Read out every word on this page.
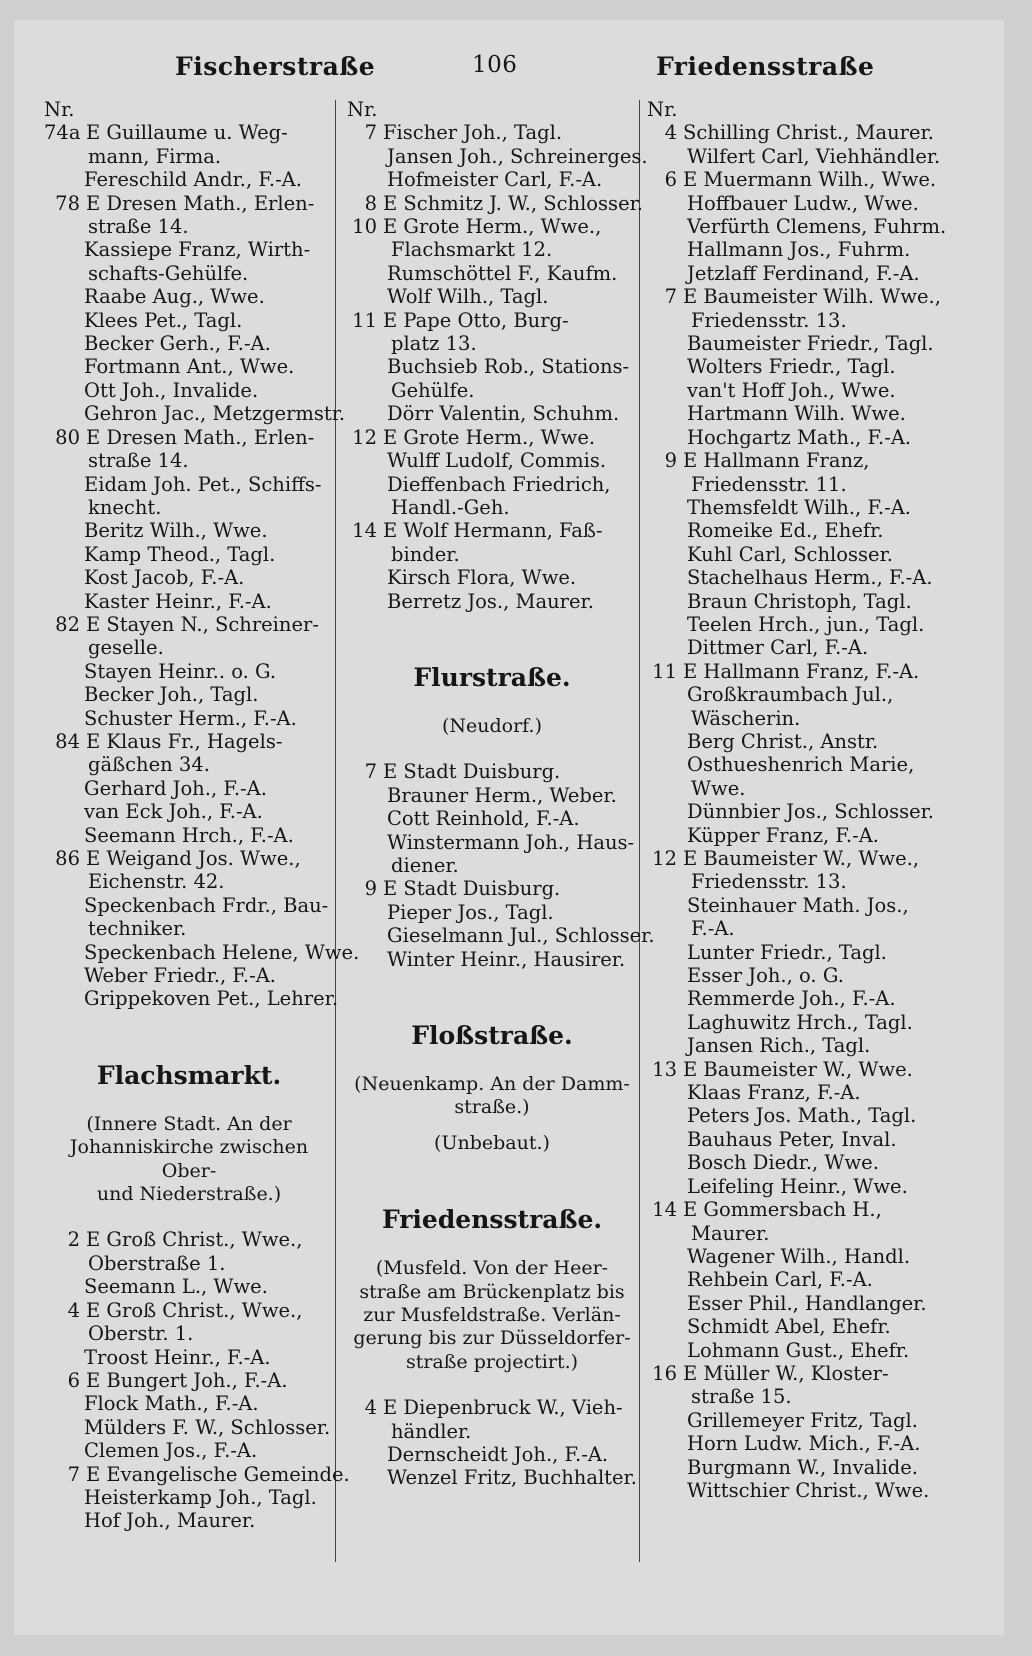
Fischerstraße	106	Friedensstraße
Nr.
74a E Guillaume u. Weg-
mann, Firma.
Fereschild Andr., F.-A.
78 E Dresen Math., Erlen-
straße 14.
Kassiepe Franz, Wirth-
schafts-Gehülfe.
Raabe Aug., Wwe.
Klees Pet., Tagl.
Becker Gerh., F.-A.
Fortmann Ant., Wwe.
Ott Joh., Invalide.
Gehron Jac., Metzgermstr.
80 E Dresen Math., Erlen-
straße 14.
Eidam Joh. Pet., Schiffs-
knecht.
Beritz Wilh., Wwe.
Kamp Theod., Tagl.
Kost Jacob, F.-A.
Kaster Heinr., F.-A.
82 E Stayen N., Schreiner-
geselle.
Stayen Heinr.. o. G.
Becker Joh., Tagl.
Schuster Herm., F.-A.
84 E Klaus Fr., Hagels-
gäßchen 34.
Gerhard Joh., F.-A.
van Eck Joh., F.-A.
Seemann Hrch., F.-A.
86 E Weigand Jos. Wwe.,
Eichenstr. 42.
Speckenbach Frdr., Bau-
techniker.
Speckenbach Helene, Wwe.
Weber Friedr., F.-A.
Grippekoven Pet., Lehrer.
Flachsmarkt.
(Innere Stadt. An der
Johanniskirche zwischen Ober-
und Niederstraße.)
2 E Groß Christ., Wwe.,
Oberstraße 1.
Seemann L., Wwe.
4 E Groß Christ., Wwe.,
Oberstr. 1.
Troost Heinr., F.-A.
6 E Bungert Joh., F.-A.
Flock Math., F.-A.
Mülders F. W., Schlosser.
Clemen Jos., F.-A.
7 E Evangelische Gemeinde.
Heisterkamp Joh., Tagl.
Hof Joh., Maurer.
Nr.
7 Fischer Joh., Tagl.
Jansen Joh., Schreinerges.
Hofmeister Carl, F.-A.
8 E Schmitz J. W., Schlosser.
10 E Grote Herm., Wwe.,
Flachsmarkt 12.
Rumschöttel F., Kaufm.
Wolf Wilh., Tagl.
11 E Pape Otto, Burg-
platz 13.
Buchsieb Rob., Stations-
Gehülfe.
Dörr Valentin, Schuhm.
12 E Grote Herm., Wwe.
Wulff Ludolf, Commis.
Dieffenbach Friedrich,
Handl.-Geh.
14 E Wolf Hermann, Faß-
binder.
Kirsch Flora, Wwe.
Berretz Jos., Maurer.
Flurstraße.
(Neudorf.)
7 E Stadt Duisburg.
Brauner Herm., Weber.
Cott Reinhold, F.-A.
Winstermann Joh., Haus-
diener.
9 E Stadt Duisburg.
Pieper Jos., Tagl.
Gieselmann Jul., Schlosser.
Winter Heinr., Hausirer.
Floßstraße.
(Neuenkamp. An der Damm-
straße.)
(Unbebaut.)
Friedensstraße.
(Musfeld. Von der Heer-
straße am Brückenplatz bis
zur Musfeldstraße. Verlän-
gerung bis zur Düsseldorfer-
straße projectirt.)
4 E Diepenbruck W., Vieh-
händler.
Dernscheidt Joh., F.-A.
Wenzel Fritz, Buchhalter.
Nr.
4 Schilling Christ., Maurer.
Wilfert Carl, Viehhändler.
6 E Muermann Wilh., Wwe.
Hoffbauer Ludw., Wwe.
Verfürth Clemens, Fuhrm.
Hallmann Jos., Fuhrm.
Jetzlaff Ferdinand, F.-A.
7 E Baumeister Wilh. Wwe.,
Friedensstr. 13.
Baumeister Friedr., Tagl.
Wolters Friedr., Tagl.
van't Hoff Joh., Wwe.
Hartmann Wilh. Wwe.
Hochgartz Math., F.-A.
9 E Hallmann Franz,
Friedensstr. 11.
Themsfeldt Wilh., F.-A.
Romeike Ed., Ehefr.
Kuhl Carl, Schlosser.
Stachelhaus Herm., F.-A.
Braun Christoph, Tagl.
Teelen Hrch., jun., Tagl.
Dittmer Carl, F.-A.
11 E Hallmann Franz, F.-A.
Großkraumbach Jul.,
Wäscherin.
Berg Christ., Anstr.
Osthueshenrich Marie,
Wwe.
Dünnbier Jos., Schlosser.
Küpper Franz, F.-A.
12 E Baumeister W., Wwe.,
Friedensstr. 13.
Steinhauer Math. Jos.,
F.-A.
Lunter Friedr., Tagl.
Esser Joh., o. G.
Remmerde Joh., F.-A.
Laghuwitz Hrch., Tagl.
Jansen Rich., Tagl.
13 E Baumeister W., Wwe.
Klaas Franz, F.-A.
Peters Jos. Math., Tagl.
Bauhaus Peter, Inval.
Bosch Diedr., Wwe.
Leifeling Heinr., Wwe.
14 E Gommersbach H.,
Maurer.
Wagener Wilh., Handl.
Rehbein Carl, F.-A.
Esser Phil., Handlanger.
Schmidt Abel, Ehefr.
Lohmann Gust., Ehefr.
16 E Müller W., Kloster-
straße 15.
Grillemeyer Fritz, Tagl.
Horn Ludw. Mich., F.-A.
Burgmann W., Invalide.
Wittschier Christ., Wwe.
